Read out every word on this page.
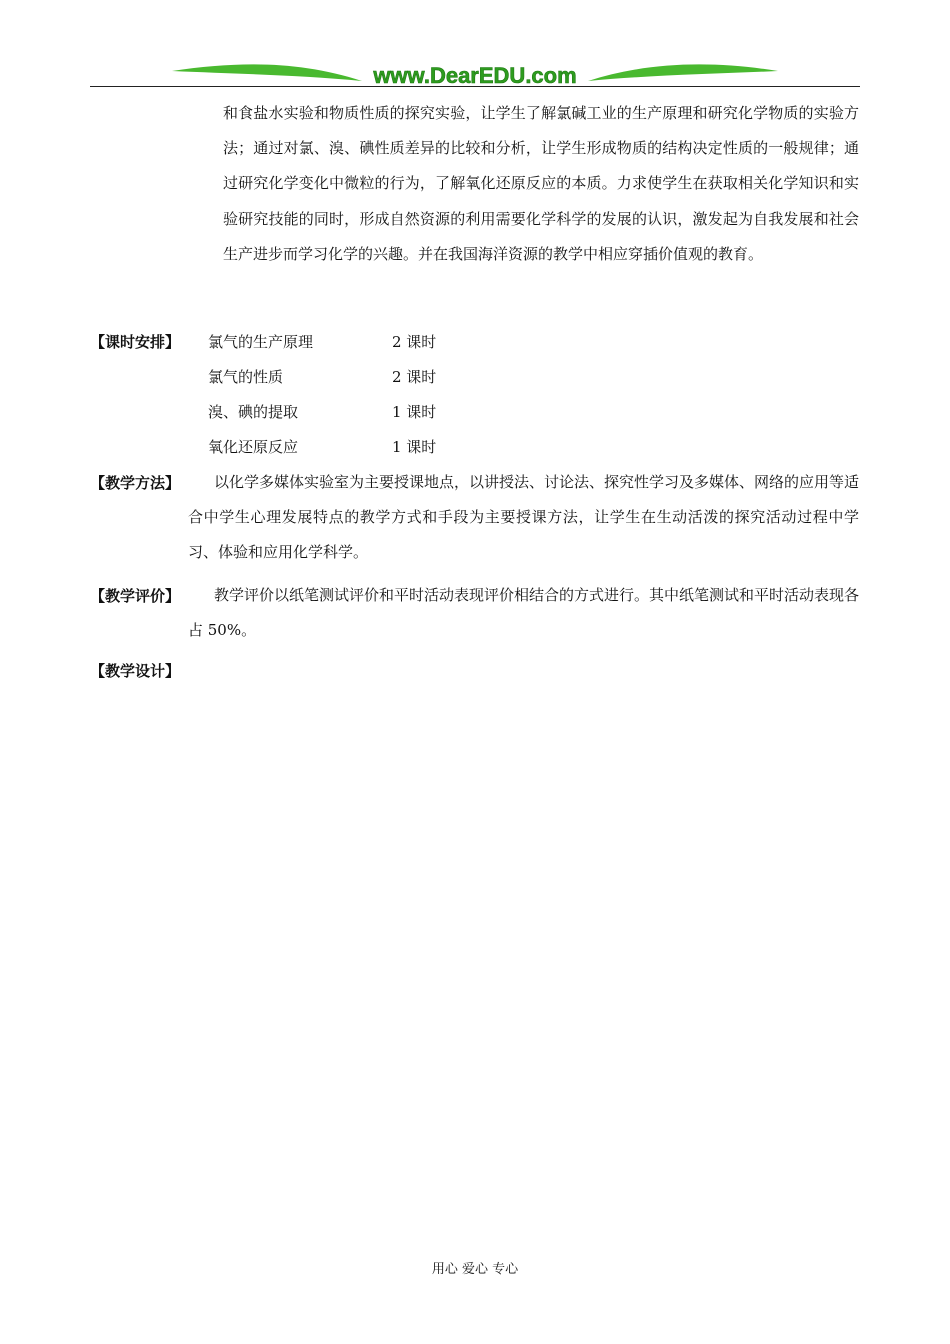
www.DearEDU.com
和食盐水实验和物质性质的探究实验，让学生了解氯碱工业的生产原理和研究化学物质的实验方法；通过对氯、溴、碘性质差异的比较和分析，让学生形成物质的结构决定性质的一般规律；通过研究化学变化中微粒的行为，了解氧化还原反应的本质。力求使学生在获取相关化学知识和实验研究技能的同时，形成自然资源的利用需要化学科学的发展的认识，激发起为自我发展和社会生产进步而学习化学的兴趣。并在我国海洋资源的教学中相应穿插价值观的教育。
【课时安排】 氯气的生产原理	2 课时
氯气的性质	2 课时
溴、碘的提取	1 课时
氧化还原反应	1 课时
【教学方法】	以化学多媒体实验室为主要授课地点，以讲授法、讨论法、探究性学习及多媒体、网络的应用等适合中学生心理发展特点的教学方式和手段为主要授课方法，让学生在生动活泼的探究活动过程中学习、体验和应用化学科学。
【教学评价】	教学评价以纸笔测试评价和平时活动表现评价相结合的方式进行。其中纸笔测试和平时活动表现各占 50%。
【教学设计】
用心 爱心 专心
